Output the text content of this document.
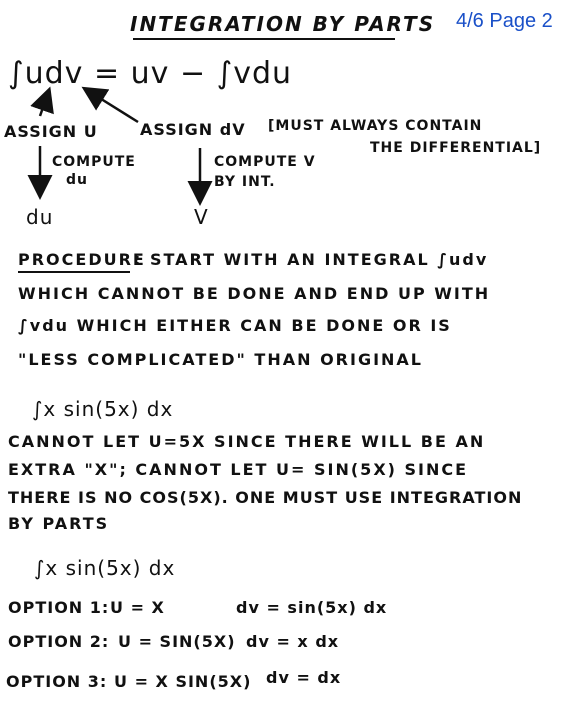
INTEGRATION BY PARTS 4/6 Page 2
∫udv = uv − ∫vdu
ASSIGN U	ASSIGN dV [MUST ALWAYS CONTAIN
THE DIFFERENTIAL]
COMPUTE
du
COMPUTE V
BY INT.
du	V
PROCEDURE
: START WITH AN INTEGRAL ∫udv
WHICH CANNOT BE DONE AND END UP WITH
∫vdu WHICH EITHER CAN BE DONE OR IS
"LESS COMPLICATED" THAN ORIGINAL
∫x sin(5x) dx
CANNOT LET U=5X SINCE THERE WILL BE AN
EXTRA "X"; CANNOT LET U= SIN(5X) SINCE
THERE IS NO COS(5X). ONE MUST USE INTEGRATION
BY PARTS
∫x sin(5x) dx
OPTION 1: U = X	dv = sin(5x) dx
OPTION 2: U = SIN(5X) dv = x dx
OPTION 3: U = X SIN(5X) dv = dx
